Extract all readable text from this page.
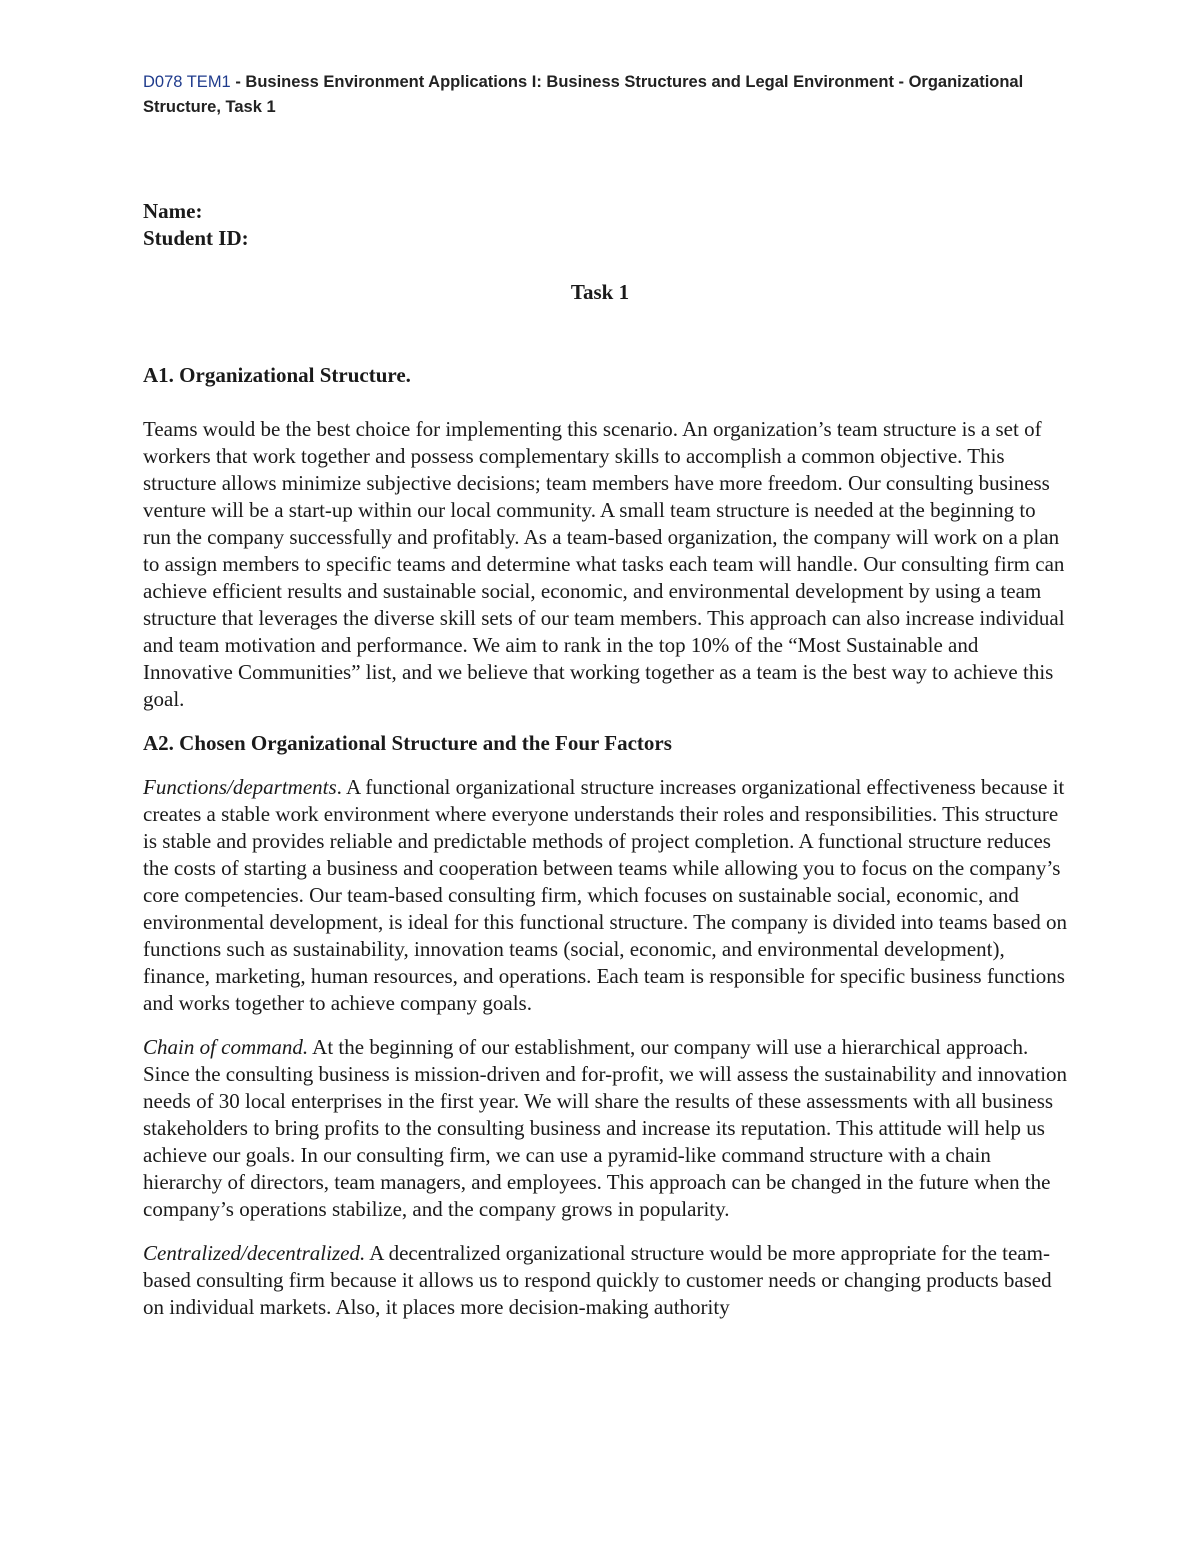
D078 TEM1 - Business Environment Applications I: Business Structures and Legal Environment - Organizational Structure, Task 1

Name:

Student ID:

Task 1

A1. Organizational Structure.

Teams would be the best choice for implementing this scenario. An organization’s team structure is a set of workers that work together and possess complementary skills to accomplish a common objective. This structure allows minimize subjective decisions; team members have more freedom. Our consulting business venture will be a start-up within our local community. A small team structure is needed at the beginning to run the company successfully and profitably. As a team-based organization, the company will work on a plan to assign members to specific teams and determine what tasks each team will handle. Our consulting firm can achieve efficient results and sustainable social, economic, and environmental development by using a team structure that leverages the diverse skill sets of our team members. This approach can also increase individual and team motivation and performance. We aim to rank in the top 10% of the “Most Sustainable and Innovative Communities” list, and we believe that working together as a team is the best way to achieve this goal.

A2. Chosen Organizational Structure and the Four Factors

Functions/departments. A functional organizational structure increases organizational effectiveness because it creates a stable work environment where everyone understands their roles and responsibilities. This structure is stable and provides reliable and predictable methods of project completion. A functional structure reduces the costs of starting a business and cooperation between teams while allowing you to focus on the company’s core competencies. Our team-based consulting firm, which focuses on sustainable social, economic, and environmental development, is ideal for this functional structure. The company is divided into teams based on functions such as sustainability, innovation teams (social, economic, and environmental development), finance, marketing, human resources, and operations. Each team is responsible for specific business functions and works together to achieve company goals.

Chain of command. At the beginning of our establishment, our company will use a hierarchical approach. Since the consulting business is mission-driven and for-profit, we will assess the sustainability and innovation needs of 30 local enterprises in the first year. We will share the results of these assessments with all business stakeholders to bring profits to the consulting business and increase its reputation. This attitude will help us achieve our goals. In our consulting firm, we can use a pyramid-like command structure with a chain hierarchy of directors, team managers, and employees. This approach can be changed in the future when the company’s operations stabilize, and the company grows in popularity.

Centralized/decentralized. A decentralized organizational structure would be more appropriate for the team-based consulting firm because it allows us to respond quickly to customer needs or changing products based on individual markets. Also, it places more decision-making authority
